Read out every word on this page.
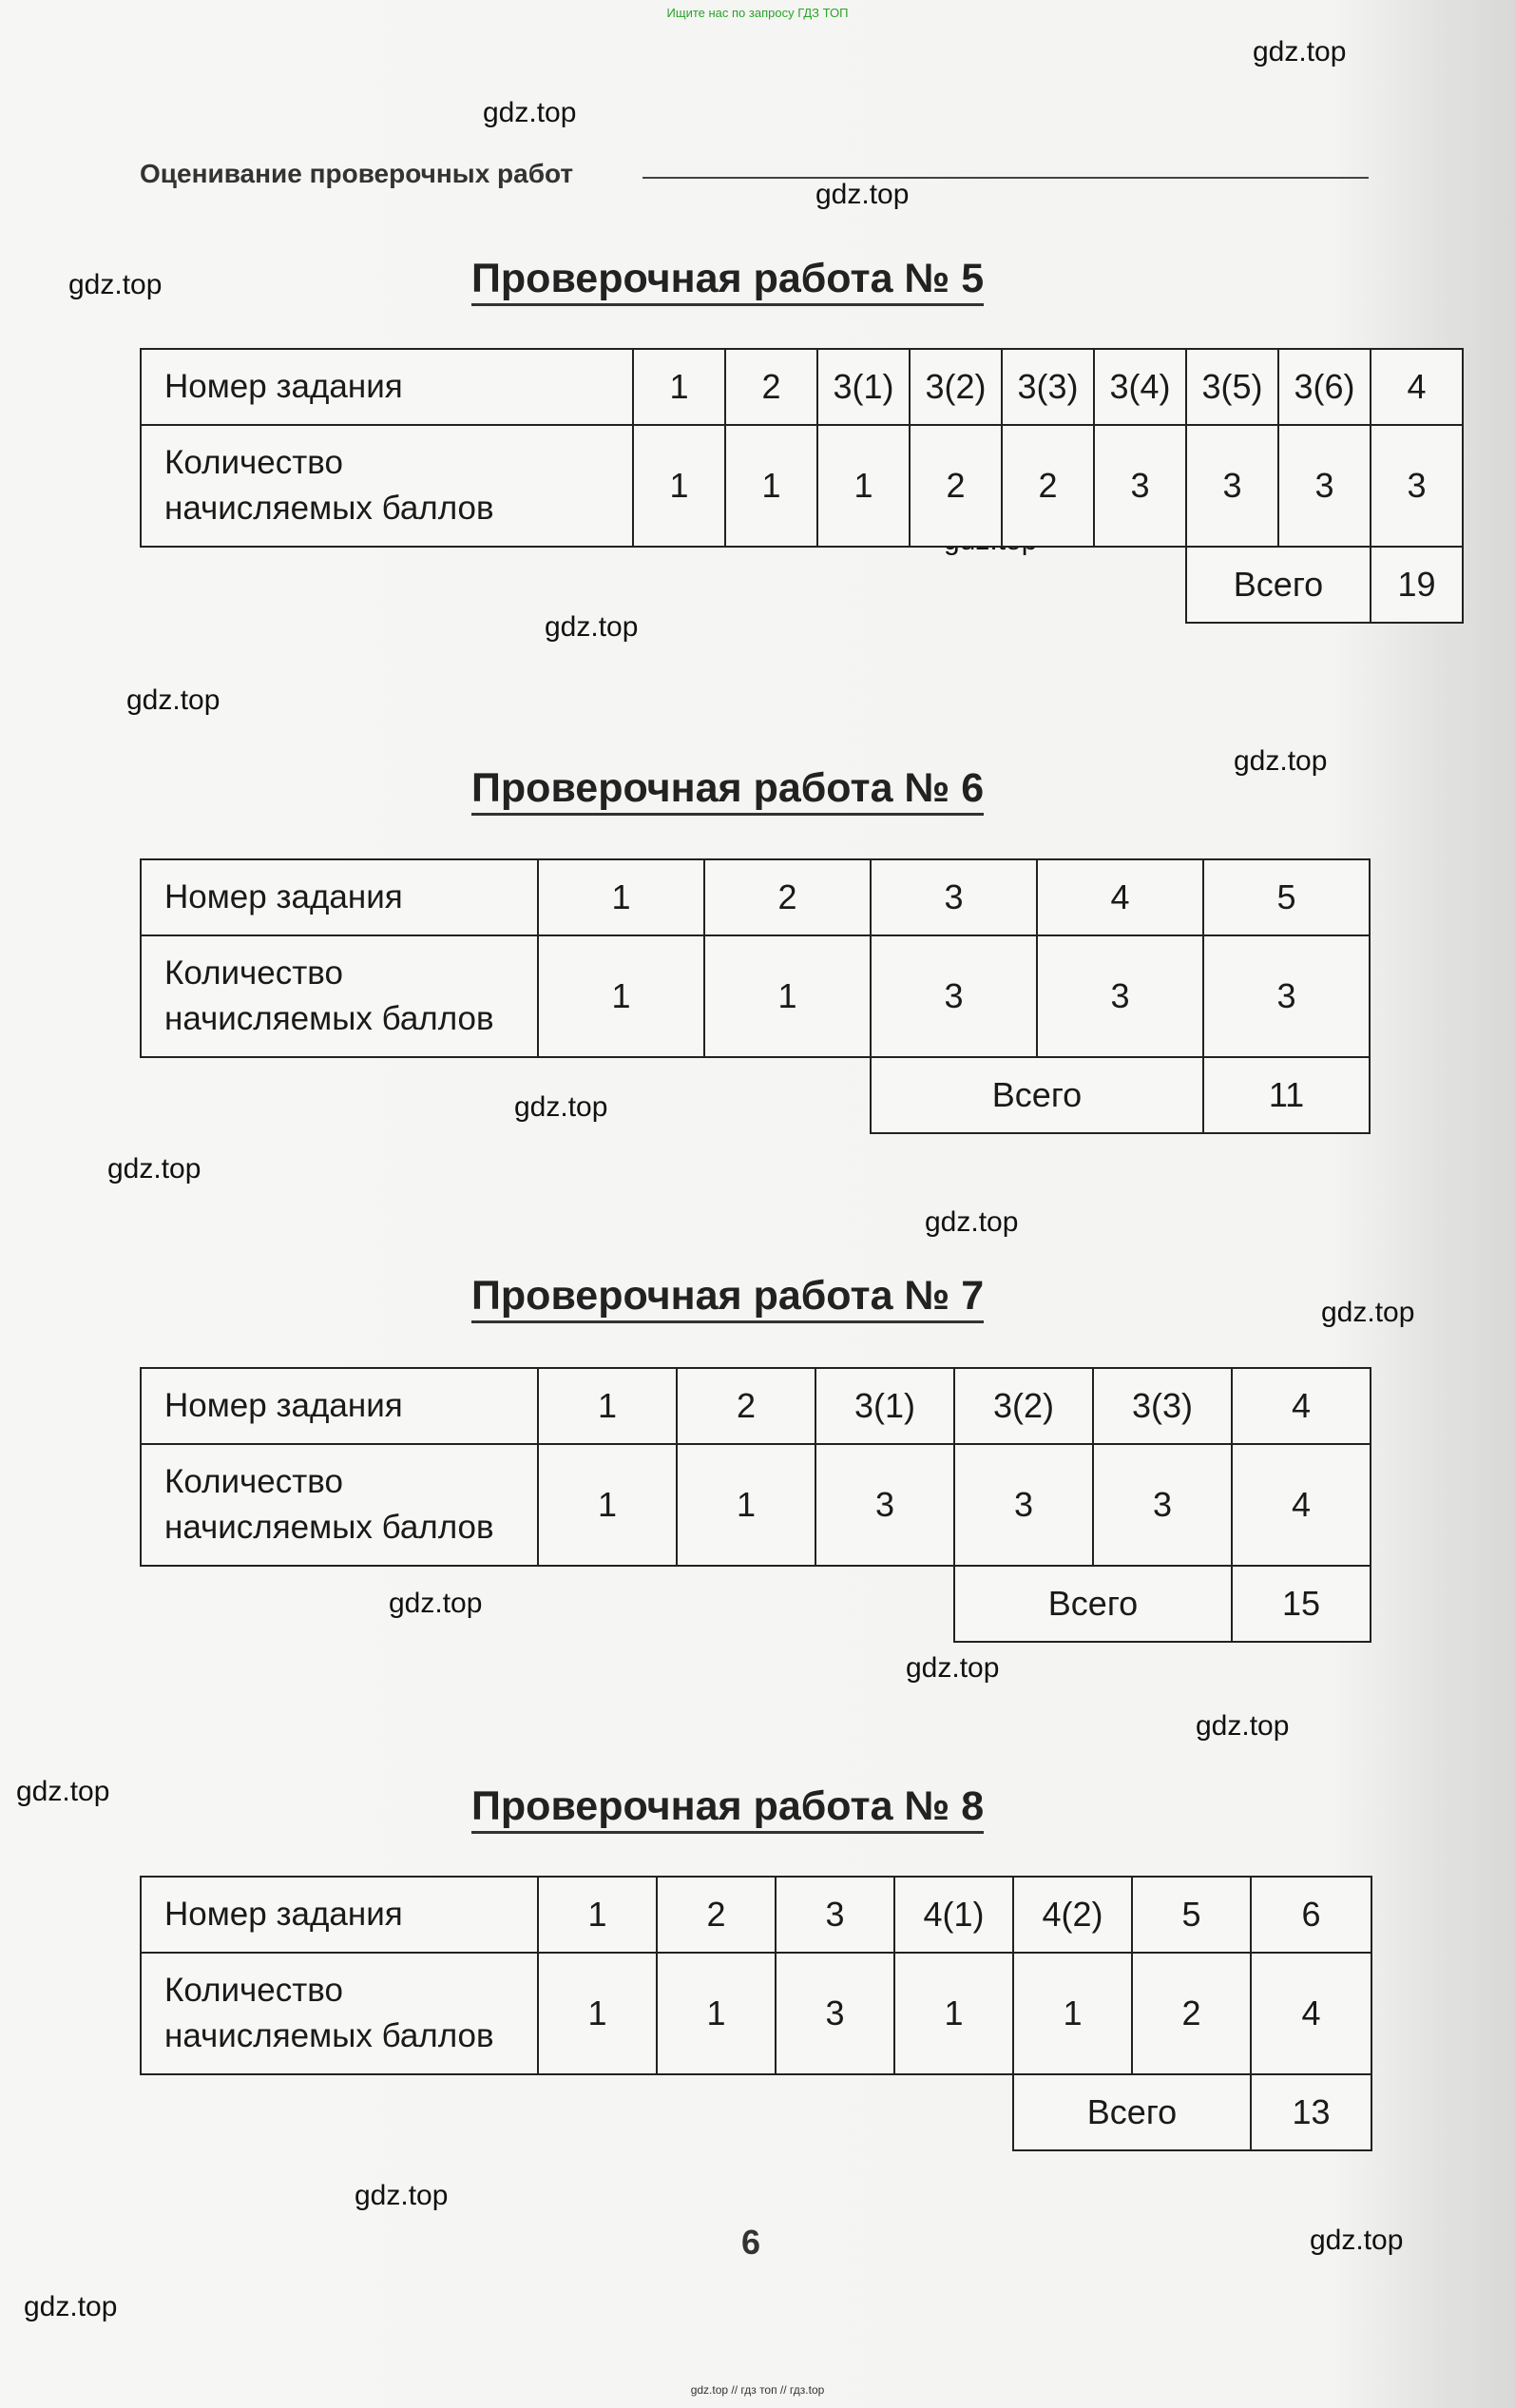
Ищите нас по запросу ГДЗ ТОП
gdz.top
gdz.top
gdz.top
gdz.top
gdz.top
gdz.top
gdz.top
gdz.top
gdz.top
gdz.top
gdz.top
gdz.top
gdz.top
gdz.top
gdz.top
gdz.top
gdz.top
gdz.top
Оценивание проверочных работ
Проверочная работа № 5
Номер задания	1	2	3(1)	3(2)	3(3)	3(4)	3(5)	3(6)	4
Количество
начисляемых баллов	1	1	1	2	2	3	3	3	3
							Всего		19
Проверочная работа № 6
Номер задания	1	2	3	4	5
Количество
начисляемых баллов	1	1	3	3	3
			Всего		11
Проверочная работа № 7
Номер задания	1	2	3(1)	3(2)	3(3)	4
Количество
начисляемых баллов	1	1	3	3	3	4
				Всего		15
Проверочная работа № 8
Номер задания	1	2	3	4(1)	4(2)	5	6
Количество
начисляемых баллов	1	1	3	1	1	2	4
					Всего		13
6
gdz.top // гдз топ // гдз.top
